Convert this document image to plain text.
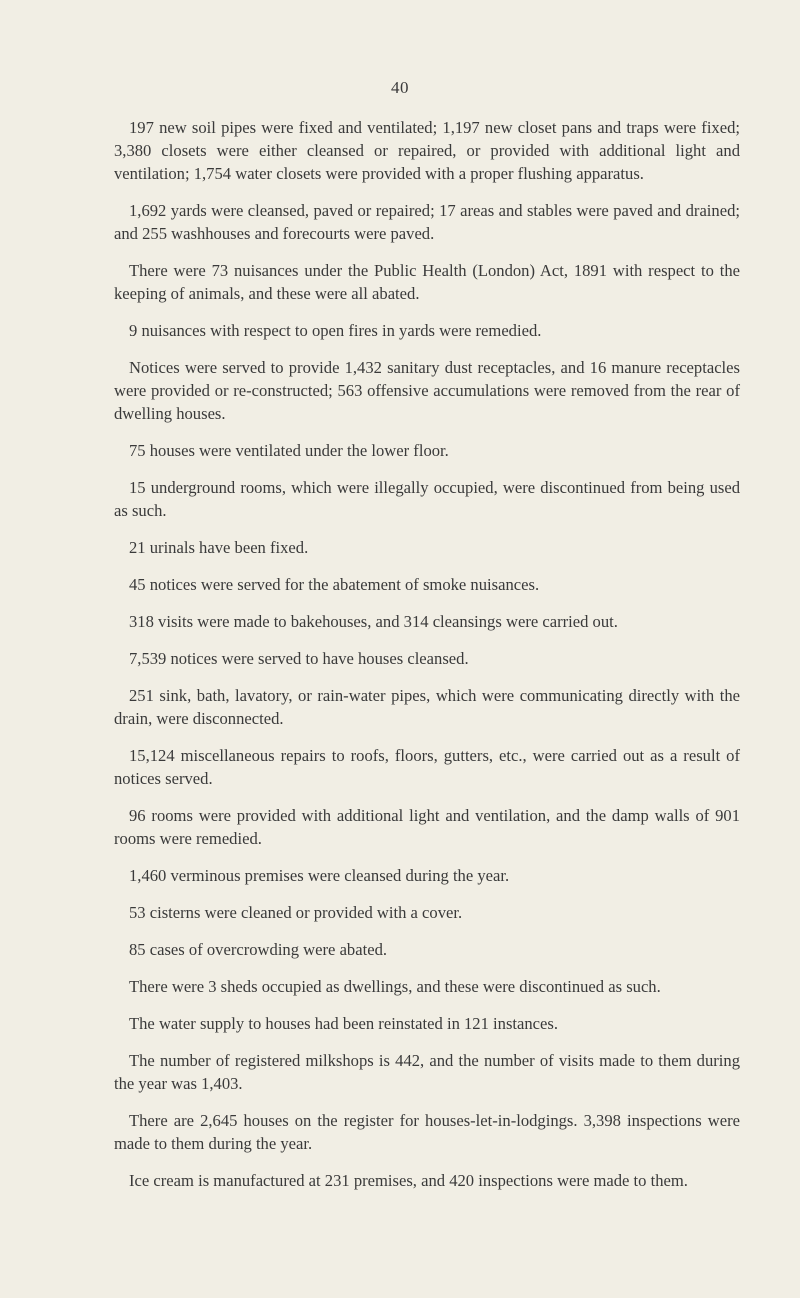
40

197 new soil pipes were fixed and ventilated; 1,197 new closet pans and traps were fixed; 3,380 closets were either cleansed or repaired, or provided with additional light and ventilation; 1,754 water closets were provided with a proper flushing apparatus.

1,692 yards were cleansed, paved or repaired; 17 areas and stables were paved and drained; and 255 washhouses and forecourts were paved.

There were 73 nuisances under the Public Health (London) Act, 1891 with respect to the keeping of animals, and these were all abated.

9 nuisances with respect to open fires in yards were remedied.

Notices were served to provide 1,432 sanitary dust receptacles, and 16 manure receptacles were provided or re-constructed; 563 offensive accumulations were removed from the rear of dwelling houses.

75 houses were ventilated under the lower floor.

15 underground rooms, which were illegally occupied, were discontinued from being used as such.

21 urinals have been fixed.

45 notices were served for the abatement of smoke nuisances.

318 visits were made to bakehouses, and 314 cleansings were carried out.

7,539 notices were served to have houses cleansed.

251 sink, bath, lavatory, or rain-water pipes, which were communicating directly with the drain, were disconnected.

15,124 miscellaneous repairs to roofs, floors, gutters, etc., were carried out as a result of notices served.

96 rooms were provided with additional light and ventilation, and the damp walls of 901 rooms were remedied.

1,460 verminous premises were cleansed during the year.

53 cisterns were cleaned or provided with a cover.

85 cases of overcrowding were abated.

There were 3 sheds occupied as dwellings, and these were discontinued as such.

The water supply to houses had been reinstated in 121 instances.

The number of registered milkshops is 442, and the number of visits made to them during the year was 1,403.

There are 2,645 houses on the register for houses-let-in-lodgings. 3,398 inspections were made to them during the year.

Ice cream is manufactured at 231 premises, and 420 inspections were made to them.
